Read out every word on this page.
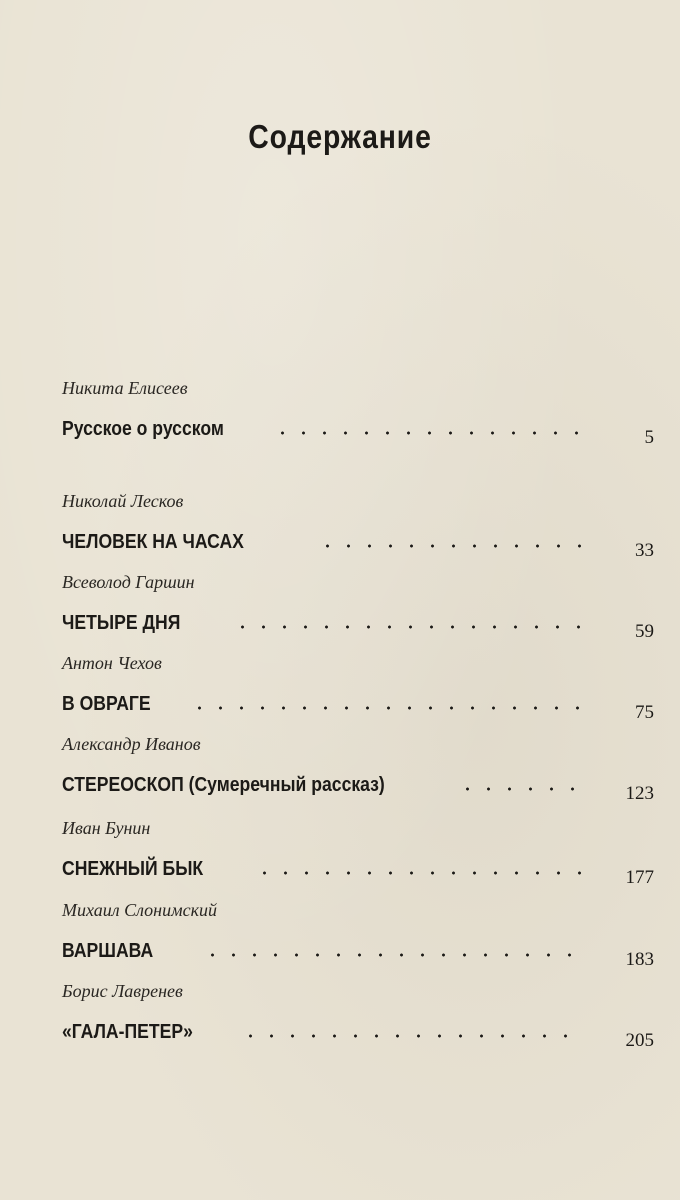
Содержание

Никита Елисеев

Русское о русском	5

Николай Лесков

ЧЕЛОВЕК НА ЧАСАХ	33

Всеволод Гаршин

ЧЕТЫРЕ ДНЯ	59

Антон Чехов

В ОВРАГЕ	75

Александр Иванов

СТЕРЕОСКОП (Сумеречный рассказ)	123

Иван Бунин

СНЕЖНЫЙ БЫК	177

Михаил Слонимский

ВАРШАВА	183

Борис Лавренев

«ГАЛА-ПЕТЕР»	205
